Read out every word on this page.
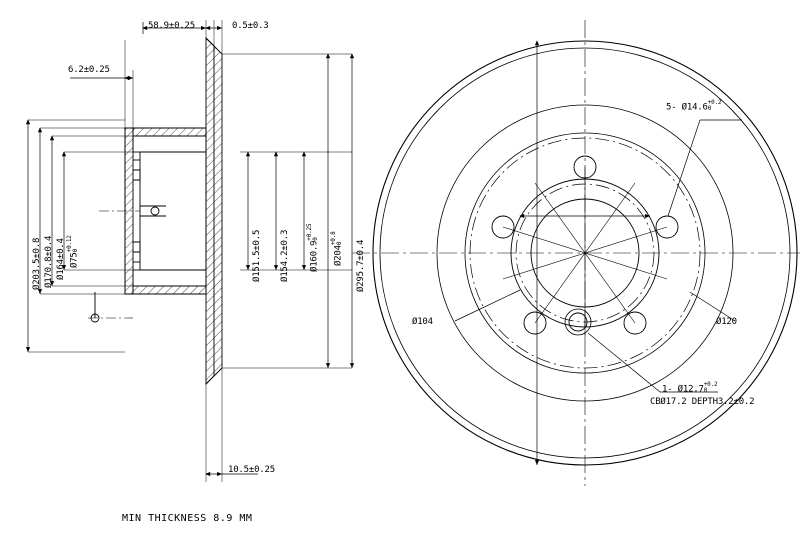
58.9±0.25	0.5±0.3
6.2±0.25
10.5±0.25
Ø203.5±0.8 Ø170.8±0.4 Ø164±0.4 Ø75
+0.12 0	Ø151.5±0.5 Ø154.2±0.3 Ø160.9
+0.25 0
Ø204
+0.8 0 Ø295.7±0.4
5- Ø14.6 +0.2
0
1- Ø12.7 +0.2
0
CBØ17.2 DEPTH3.2±0.2
Ø104	Ø120
MIN THICKNESS 8.9 MM
